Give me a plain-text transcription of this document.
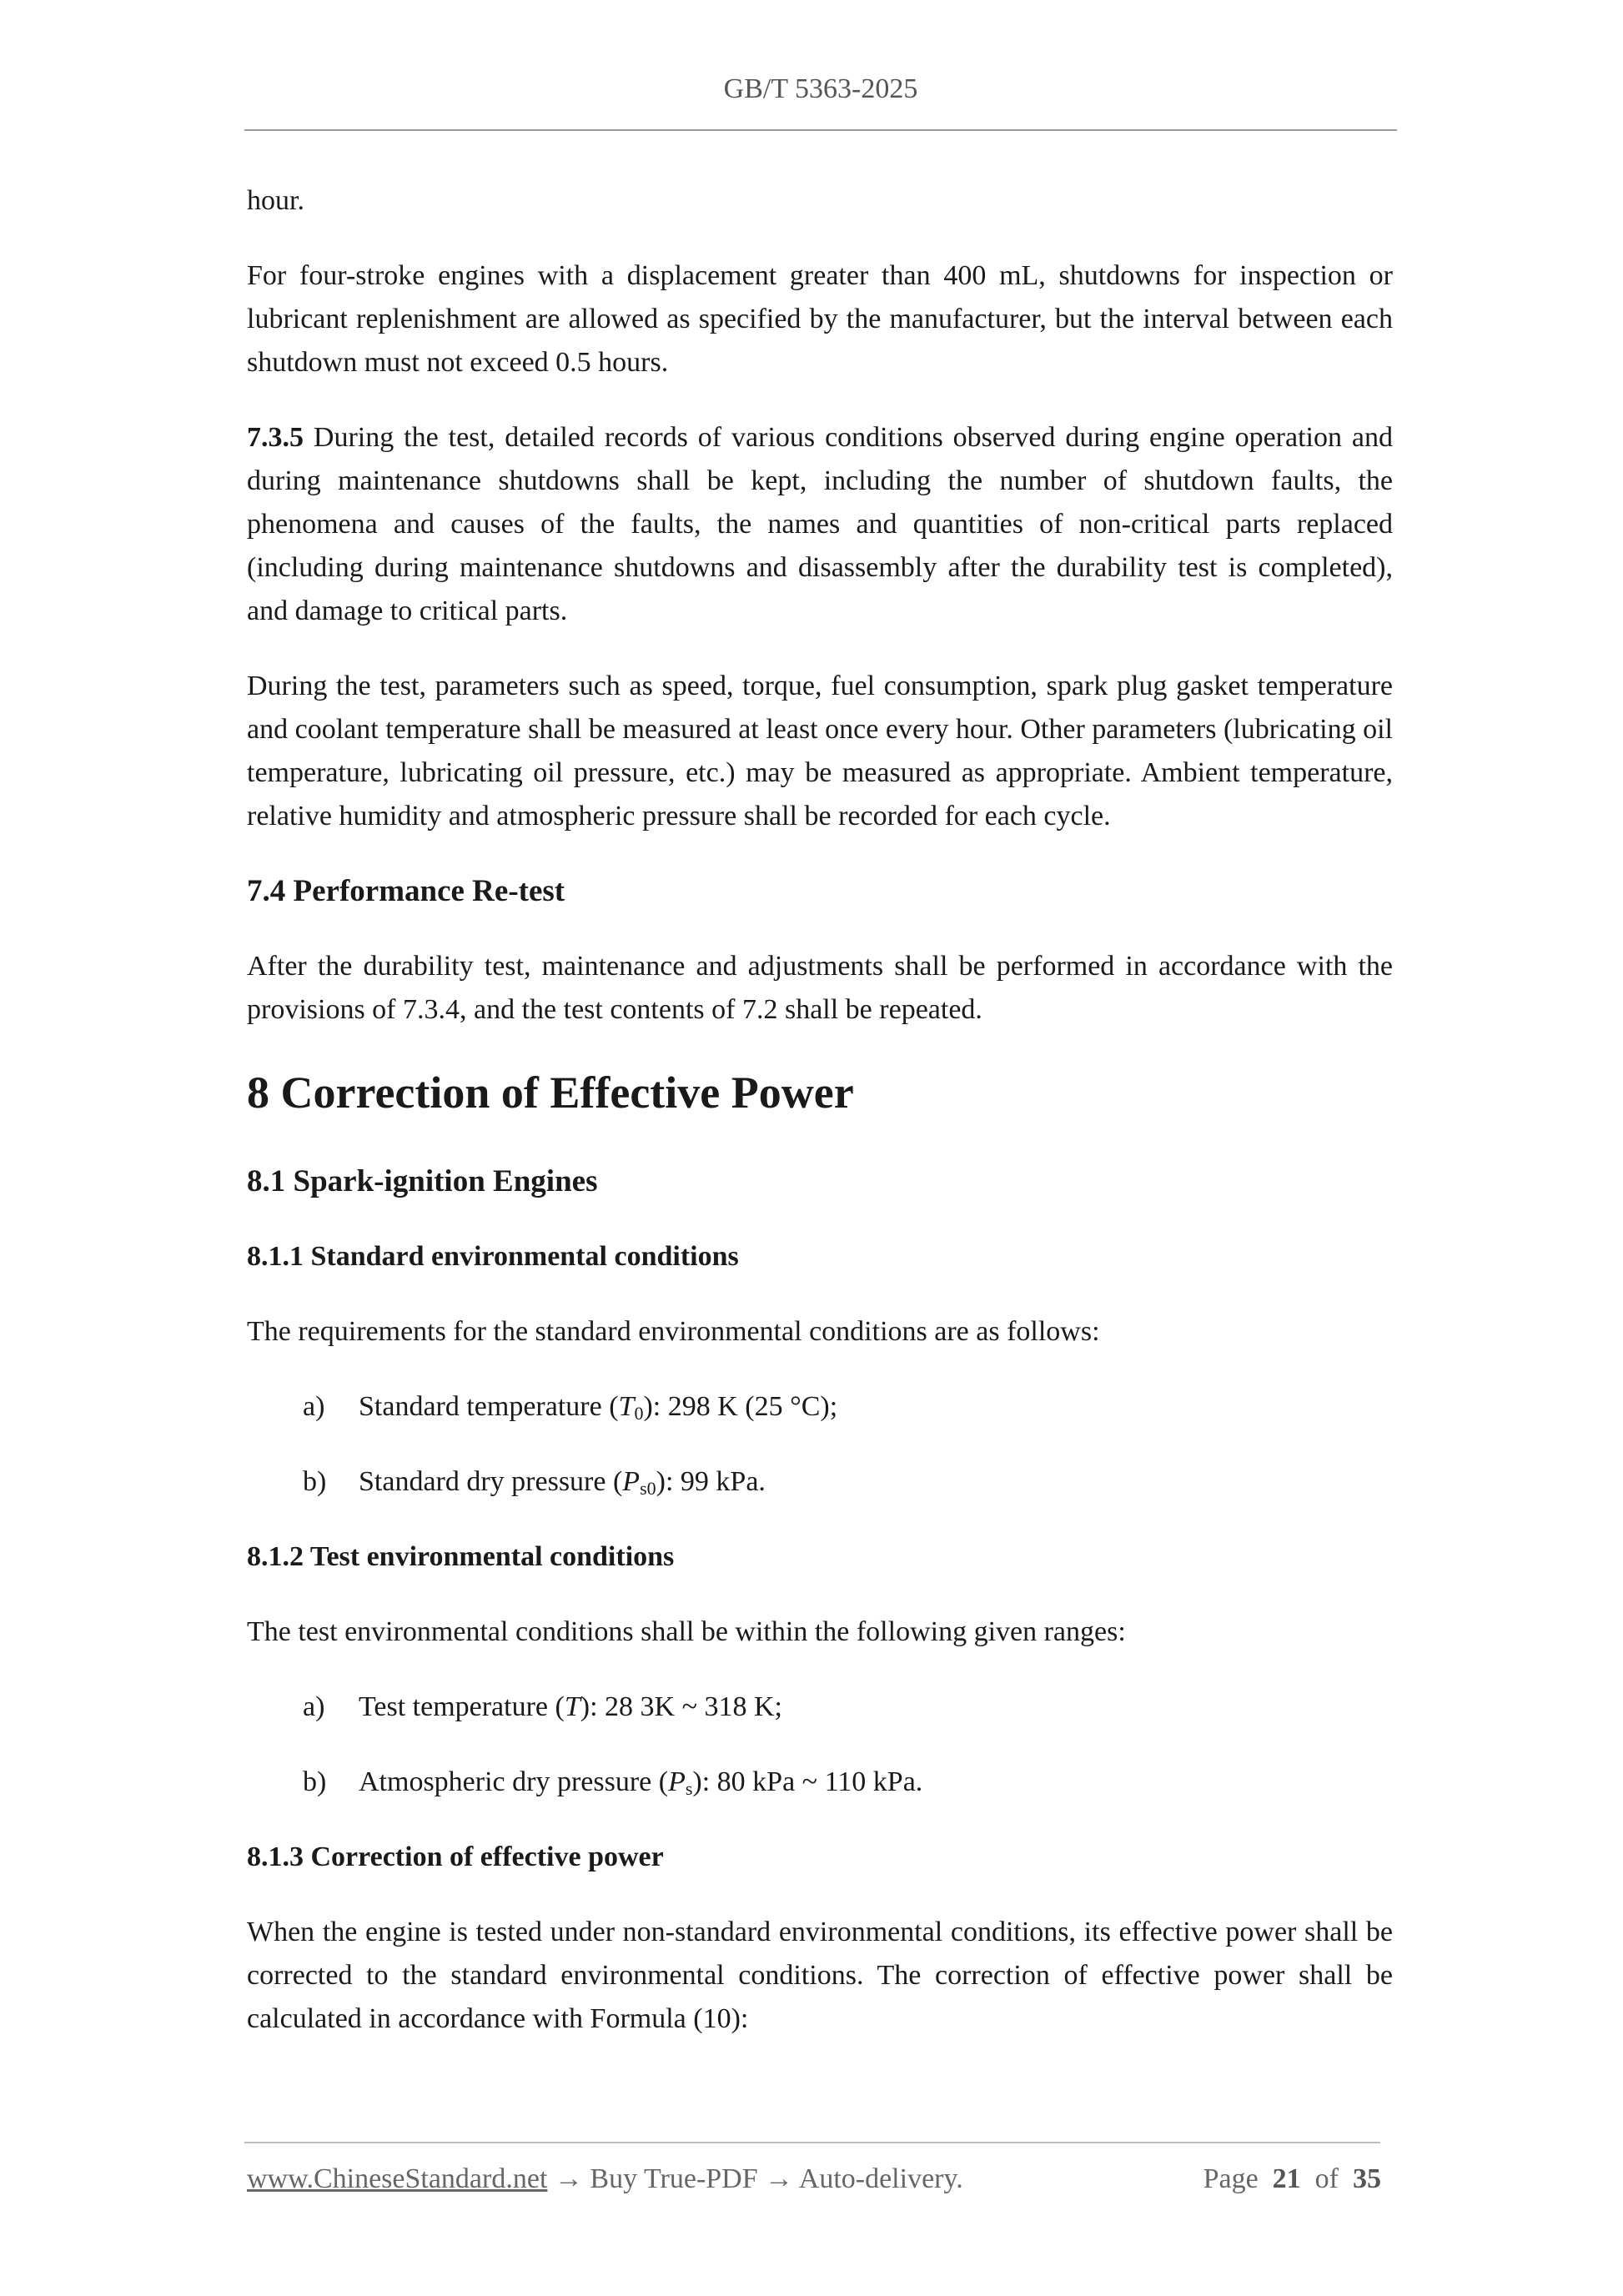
GB/T 5363-2025

hour.

For four-stroke engines with a displacement greater than 400 mL, shutdowns for inspection or lubricant replenishment are allowed as specified by the manufacturer, but the interval between each shutdown must not exceed 0.5 hours.

7.3.5 During the test, detailed records of various conditions observed during engine operation and during maintenance shutdowns shall be kept, including the number of shutdown faults, the phenomena and causes of the faults, the names and quantities of non-critical parts replaced (including during maintenance shutdowns and disassembly after the durability test is completed), and damage to critical parts.

During the test, parameters such as speed, torque, fuel consumption, spark plug gasket temperature and coolant temperature shall be measured at least once every hour. Other parameters (lubricating oil temperature, lubricating oil pressure, etc.) may be measured as appropriate. Ambient temperature, relative humidity and atmospheric pressure shall be recorded for each cycle.

7.4 Performance Re-test

After the durability test, maintenance and adjustments shall be performed in accordance with the provisions of 7.3.4, and the test contents of 7.2 shall be repeated.

8 Correction of Effective Power
8.1 Spark-ignition Engines
8.1.1 Standard environmental conditions

The requirements for the standard environmental conditions are as follows:

a)	Standard temperature $(T_0)$: 298 K (25 °C);
b)	Standard dry pressure $(P_{s0})$: 99 kPa.
8.1.2 Test environmental conditions

The test environmental conditions shall be within the following given ranges:

a)	Test temperature (T): 28 3K ~ 318 K;
b)	Atmospheric dry pressure $(P_s)$: 80 kPa ~ 110 kPa.
8.1.3 Correction of effective power

When the engine is tested under non-standard environmental conditions, its effective power shall be corrected to the standard environmental conditions. The correction of effective power shall be calculated in accordance with Formula (10):

www.ChineseStandard.net → Buy True-PDF → Auto-delivery.	Page 21 of 35
